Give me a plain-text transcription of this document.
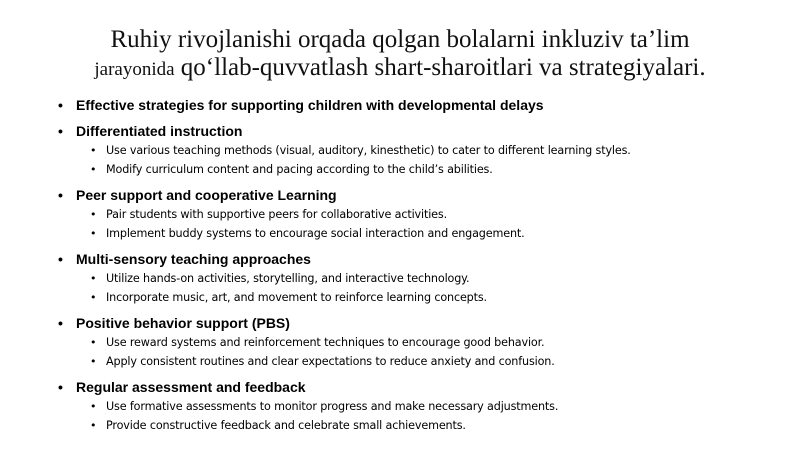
Ruhiy rivojlanishi orqada qolgan bolalarni inkluziv ta’lim
jarayonida qo‘llab-quvvatlash shart-sharoitlari va strategiyalari.
• Effective strategies for supporting children with developmental delays
• Differentiated instruction
• Use various teaching methods (visual, auditory, kinesthetic) to cater to different learning styles.
• Modify curriculum content and pacing according to the child’s abilities.
• Peer support and cooperative Learning
• Pair students with supportive peers for collaborative activities.
• Implement buddy systems to encourage social interaction and engagement.
• Multi-sensory teaching approaches
• Utilize hands-on activities, storytelling, and interactive technology.
• Incorporate music, art, and movement to reinforce learning concepts.
• Positive behavior support (PBS)
• Use reward systems and reinforcement techniques to encourage good behavior.
• Apply consistent routines and clear expectations to reduce anxiety and confusion.
• Regular assessment and feedback
• Use formative assessments to monitor progress and make necessary adjustments.
• Provide constructive feedback and celebrate small achievements.
